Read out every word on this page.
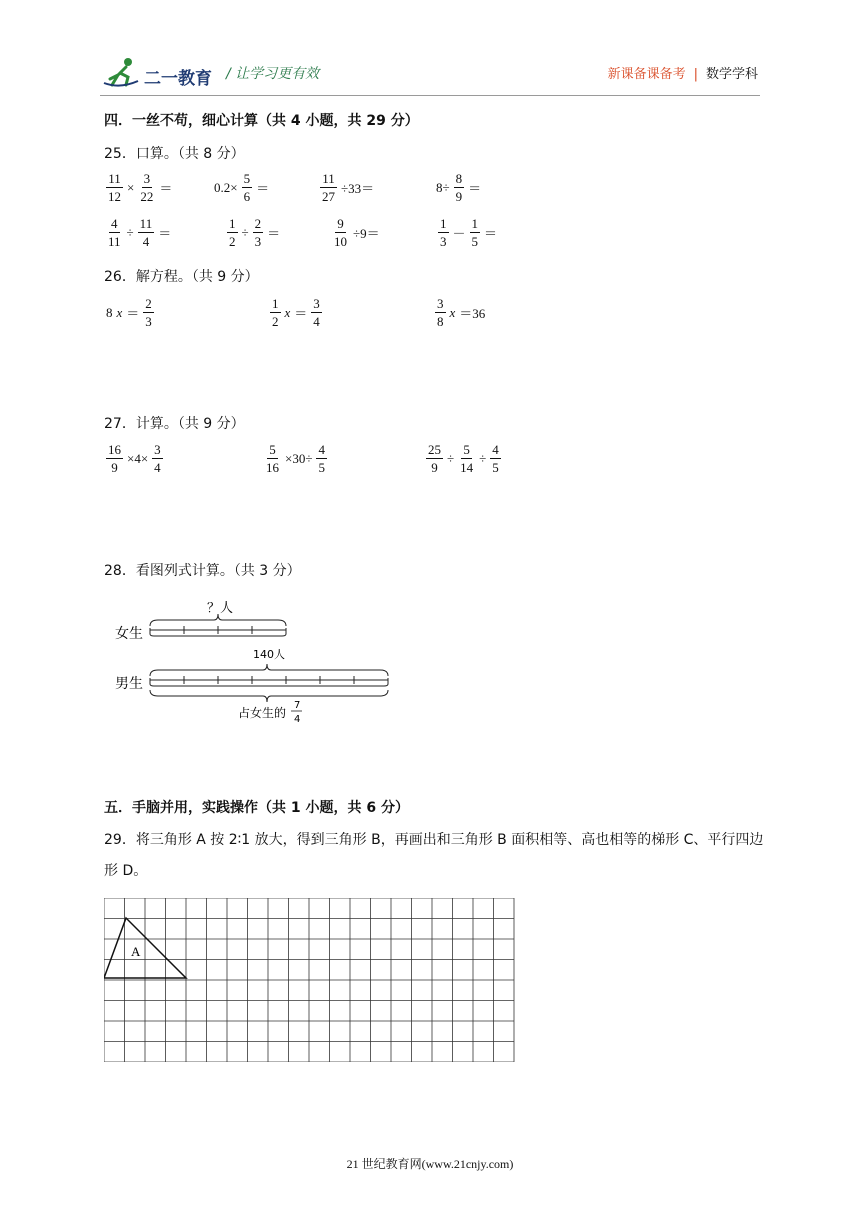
二一教育 / 让学习更有效	新课备课备考 | 数学学科
四．一丝不苟，细心计算（共 4 小题，共 29 分）
25．口算。（共 8 分）
$\frac{11}{12} \times \frac{3}{22}$ ＝	$0.2\times \frac{5}{6}$ ＝	$\frac{11}{27} \div 33=$	$8\div \frac{8}{9}$ ＝
$\frac{4}{11} \div \frac{11}{4}$ ＝	$\frac{1}{2} \div \frac{2}{3}$ ＝	$\frac{9}{10} \div 9=$	$\frac{1}{3} - \frac{1}{5}$ ＝
26．解方程。（共 9 分）
8 $x = \frac{2}{3}$	$\frac{1}{2}$ $x = \frac{3}{4}$	$\frac{3}{8}$ x ＝36
27．计算。（共 9 分）
$\frac{16}{9} \times 4\times \frac{3}{4}$	$\frac{5}{16} \times 30\div \frac{4}{5}$	$\frac{25}{9} \div \frac{5}{14} \div \frac{4}{5}$
28．看图列式计算。（共 3 分）
女生
？人
140人
男生
占女生的
7
4
五．手脑并用，实践操作（共 1 小题，共 6 分）
29．将三角形 A 按 2∶1 放大，得到三角形 B，再画出和三角形 B 面积相等、高也相等的梯形 C、平行四边形 D。
A
21 世纪教育网(www.21cnjy.com)
